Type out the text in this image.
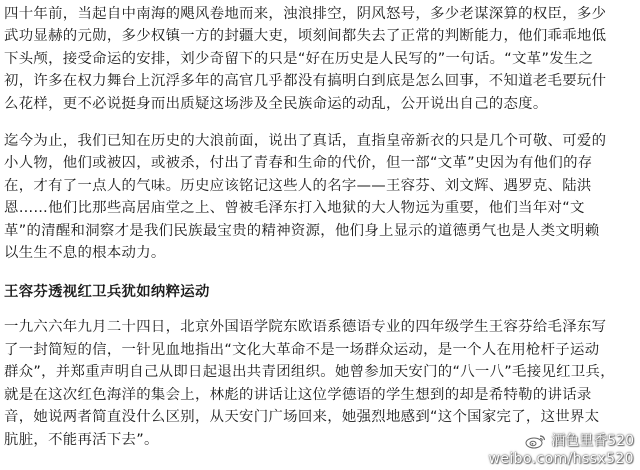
四十年前，当起自中南海的飓风卷地而来，浊浪排空，阴风怒号，多少老谋深算的权臣，多少
武功显赫的元勋，多少权镇一方的封疆大吏，顷刻间都失去了正常的判断能力，他们乖乖地低
下头颅，接受命运的安排，刘少奇留下的只是“好在历史是人民写的”一句话。“文革”发生之
初，许多在权力舞台上沉浮多年的高官几乎都没有搞明白到底是怎么回事，不知道老毛要玩什
么花样，更不必说挺身而出质疑这场涉及全民族命运的动乱，公开说出自己的态度。
迄今为止，我们已知在历史的大浪前面，说出了真话，直指皇帝新衣的只是几个可敬、可爱的
小人物，他们或被囚，或被杀，付出了青春和生命的代价，但一部“文革”史因为有他们的存
在，才有了一点人的气味。历史应该铭记这些人的名字——王容芬、刘文辉、遇罗克、陆洪
恩……他们比那些高居庙堂之上、曾被毛泽东打入地狱的大人物远为重要，他们当年对“文
革”的清醒和洞察才是我们民族最宝贵的精神资源，他们身上显示的道德勇气也是人类文明赖
以生生不息的根本动力。
王容芬透视红卫兵犹如纳粹运动
一九六六年九月二十四日，北京外国语学院东欧语系德语专业的四年级学生王容芬给毛泽东写
了一封简短的信，一针见血地指出“文化大革命不是一场群众运动，是一个人在用枪杆子运动
群众”，并郑重声明自己从即日起退出共青团组织。她曾参加天安门的“八一八”毛接见红卫兵，
就是在这次红色海洋的集会上，林彪的讲话让这位学德语的学生想到的却是希特勒的讲话录
音，她说两者简直没什么区别，从天安门广场回来，她强烈地感到“这个国家完了，这世界太
肮脏，不能再活下去”。	酒色里香520
weibo.com/hssx520
